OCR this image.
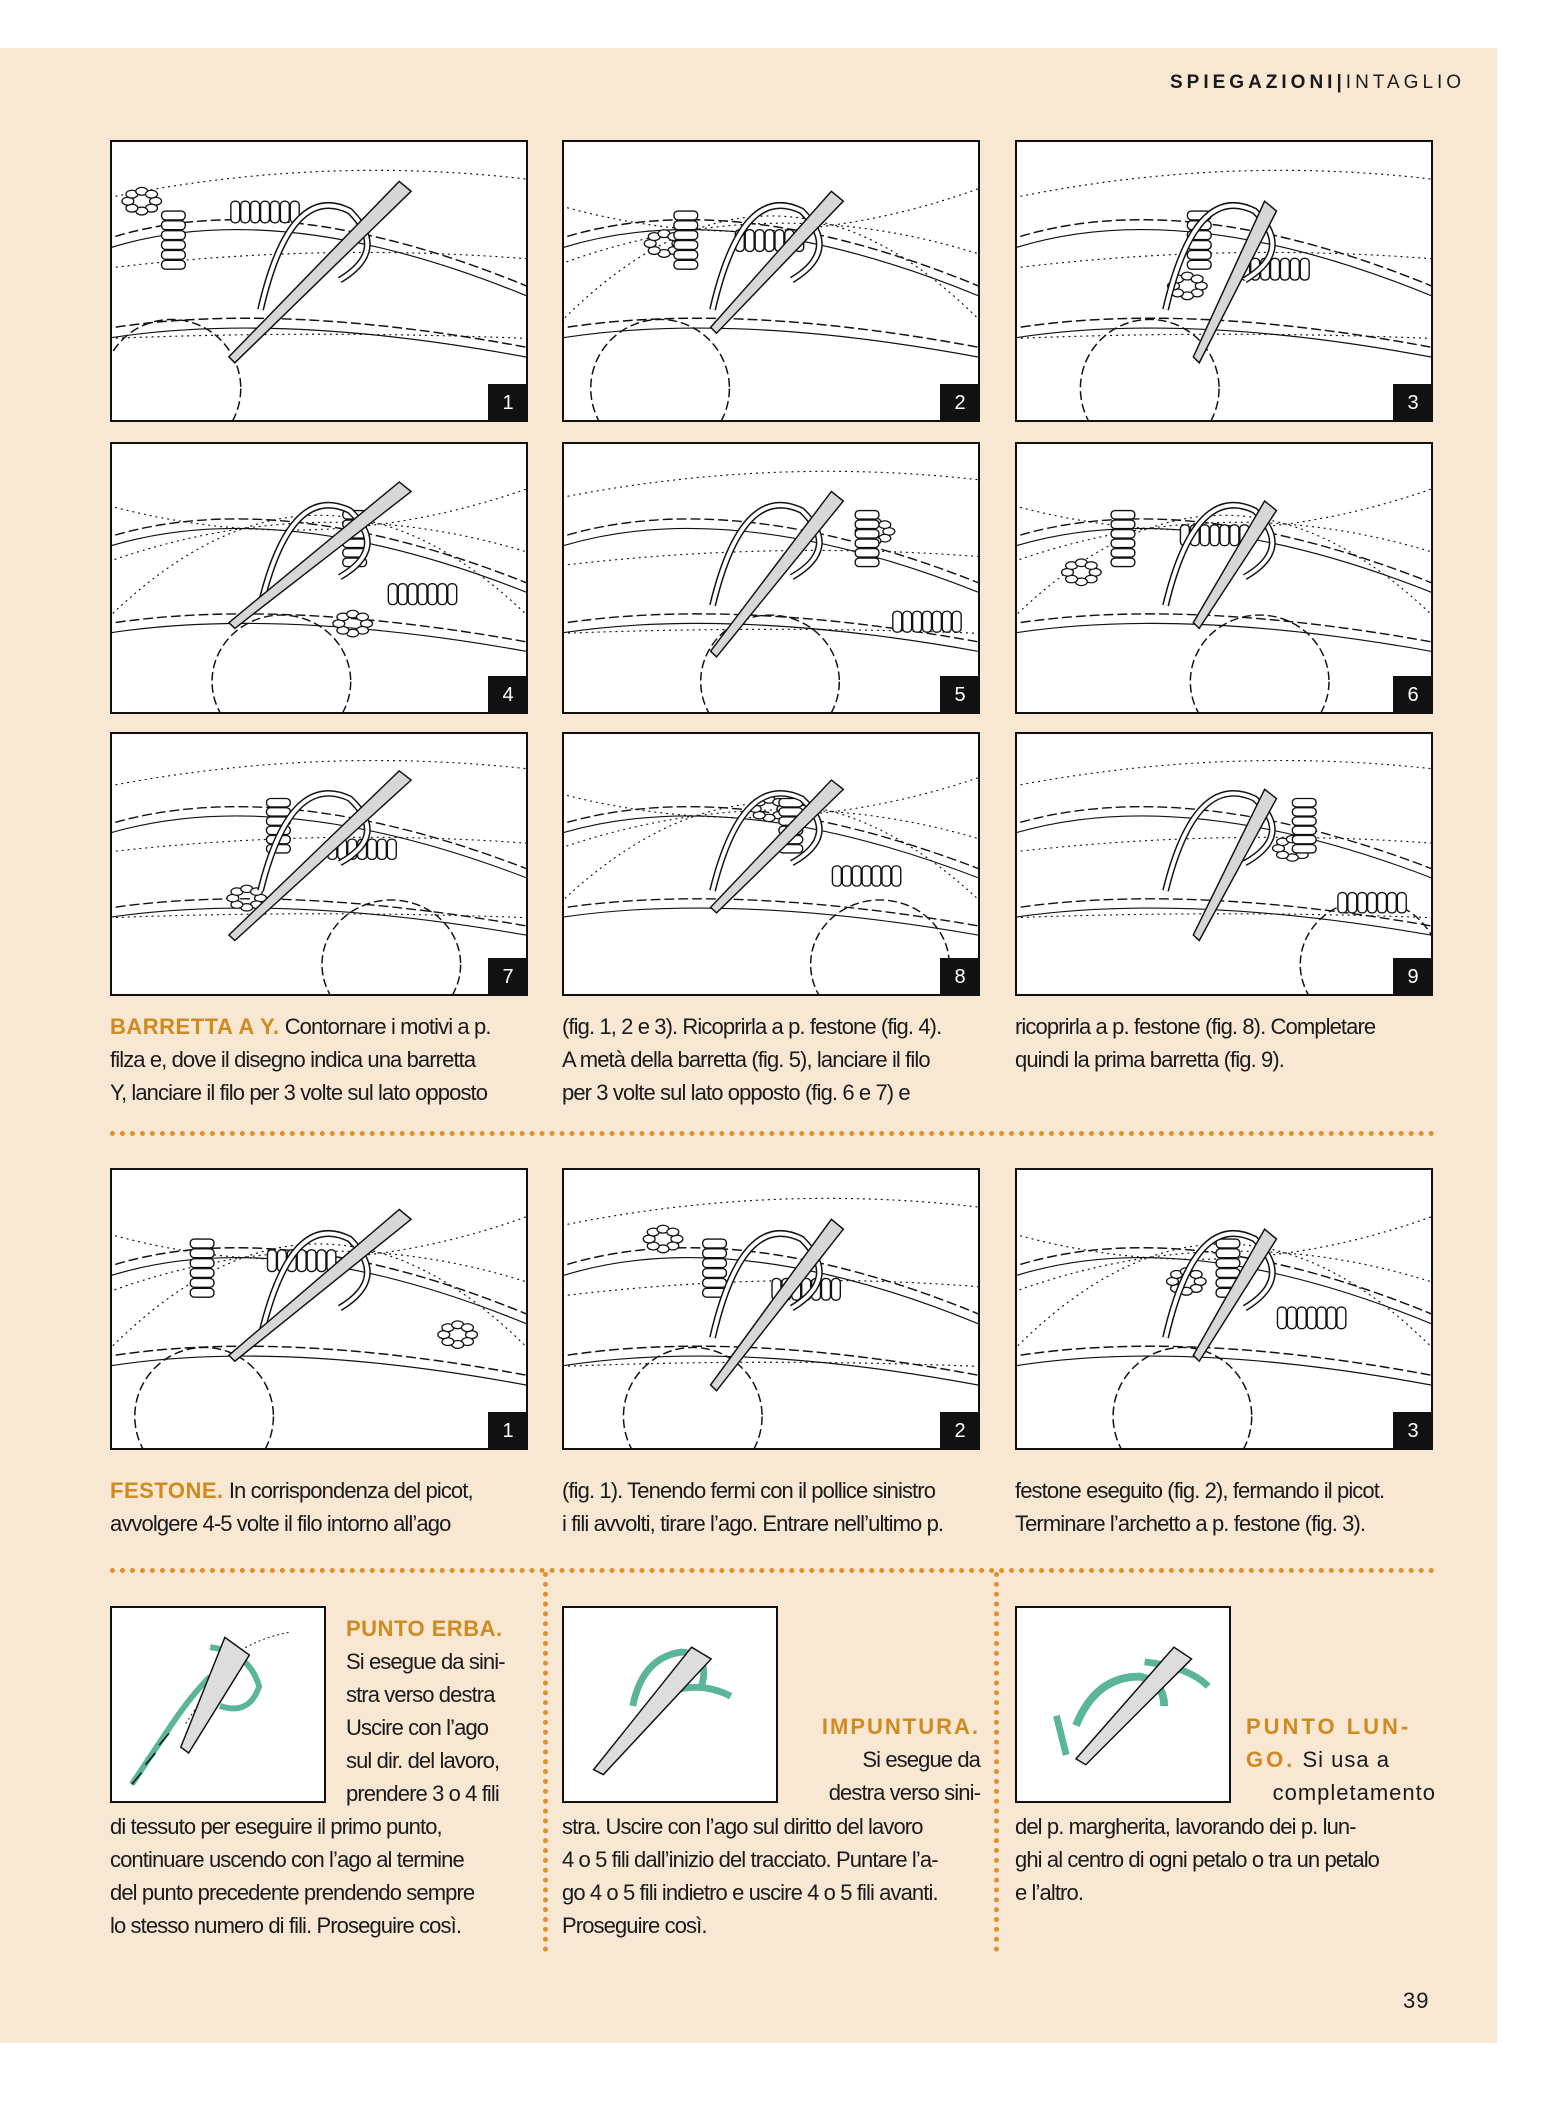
SPIEGAZIONI|INTAGLIO
1	2	3
4	5	6
7	8	9
BARRETTA A Y. Contornare i motivi a p.
filza e, dove il disegno indica una barretta
Y, lanciare il filo per 3 volte sul lato opposto
(fig. 1, 2 e 3). Ricoprirla a p. festone (fig. 4).
A metà della barretta (fig. 5), lanciare il filo
per 3 volte sul lato opposto (fig. 6 e 7) e
ricoprirla a p. festone (fig. 8). Completare
quindi la prima barretta (fig. 9).
1	2	3
FESTONE. In corrispondenza del picot,
avvolgere 4-5 volte il filo intorno all’ago
(fig. 1). Tenendo fermi con il pollice sinistro
i fili avvolti, tirare l’ago. Entrare nell’ultimo p.
festone eseguito (fig. 2), fermando il picot.
Terminare l’archetto a p. festone (fig. 3).
PUNTO ERBA.
Si esegue da sini-
stra verso destra
Uscire con l’ago
sul dir. del lavoro,
prendere 3 o 4 fili
di tessuto per eseguire il primo punto,
continuare uscendo con l’ago al termine
del punto precedente prendendo sempre
lo stesso numero di fili. Proseguire così.
IMPUNTURA.
Si esegue da
destra verso sini-
stra. Uscire con l’ago sul diritto del lavoro
4 o 5 fili dall’inizio del tracciato. Puntare l’a-
go 4 o 5 fili indietro e uscire 4 o 5 fili avanti.
Proseguire così.
PUNTO LUN-
GO. Si usa a
completamento
del p. margherita, lavorando dei p. lun-
ghi al centro di ogni petalo o tra un petalo
e l’altro.
39
